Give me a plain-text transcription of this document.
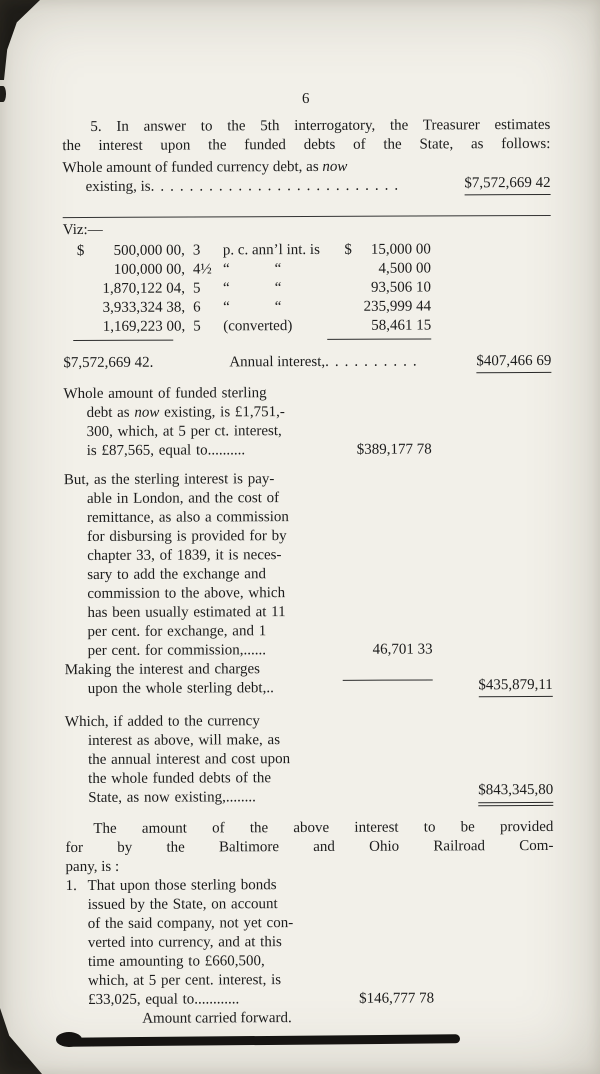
6
5. In answer to the 5th interrogatory, the Treasurer estimates
the interest upon the funded debts of the State, as follows:
Whole amount of funded currency debt, as now
existing, is ..........................	$7,572,669 42
Viz:—
$	500,000 00, 3	p. c. ann’l int. is	$	15,000 00
100,000 00, 4½ “   “	4,500 00
1,870,122 04, 5	“   “	93,506 10
3,933,324 38, 6	“   “	235,999 44
1,169,223 00, 5	(converted)	58,461 15
$7,572,669 42.	Annual interest,..........	$407,466 69
Whole amount of funded sterling
debt as now existing, is £1,751,-
300, which, at 5 per ct. interest,
is £87,565, equal to..........	$389,177 78
But, as the sterling interest is pay-
able in London, and the cost of
remittance, as also a commission
for disbursing is provided for by
chapter 33, of 1839, it is neces-
sary to add the exchange and
commission to the above, which
has been usually estimated at 11
per cent. for exchange, and 1
per cent. for commission,......	46,701 33
Making the interest and charges
upon the whole sterling debt,..	$435,879,11
Which, if added to the currency
interest as above, will make, as
the annual interest and cost upon
the whole funded debts of the
State, as now existing,........	$843,345,80
The amount of the above interest to be provided
for by the Baltimore and Ohio Railroad Com-
pany, is :
1. That upon those sterling bonds
issued by the State, on account
of the said company, not yet con-
verted into currency, and at this
time amounting to £660,500,
which, at 5 per cent. interest, is
£33,025, equal to............	$146,777 78
Amount carried forward.
